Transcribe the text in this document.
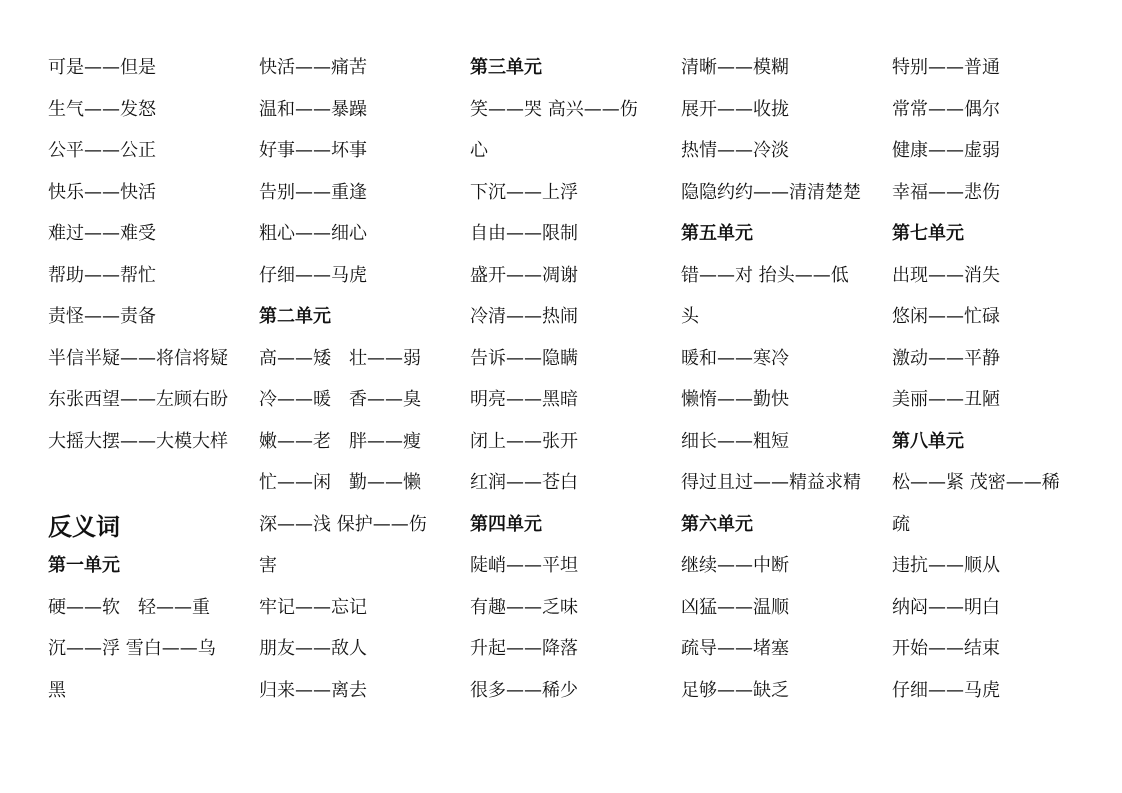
可是——但是
生气——发怒
公平——公正
快乐——快活
难过——难受
帮助——帮忙
责怪——责备
半信半疑——将信将疑
东张西望——左顾右盼
大摇大摆——大模大样
反义词
第一单元
硬——软　轻——重
沉——浮 雪白——乌
黑
快活——痛苦
温和——暴躁
好事——坏事
告别——重逢
粗心——细心
仔细——马虎
第二单元
高——矮　壮——弱
冷——暖　香——臭
嫩——老　胖——瘦
忙——闲　勤——懒
深——浅 保护——伤
害
牢记——忘记
朋友——敌人
归来——离去
第三单元
笑——哭 高兴——伤
心
下沉——上浮
自由——限制
盛开——凋谢
冷清——热闹
告诉——隐瞒
明亮——黑暗
闭上——张开
红润——苍白
第四单元
陡峭——平坦
有趣——乏味
升起——降落
很多——稀少
清晰——模糊
展开——收拢
热情——冷淡
隐隐约约——清清楚楚
第五单元
错——对 抬头——低
头
暖和——寒冷
懒惰——勤快
细长——粗短
得过且过——精益求精
第六单元
继续——中断
凶猛——温顺
疏导——堵塞
足够——缺乏
特别——普通
常常——偶尔
健康——虚弱
幸福——悲伤
第七单元
出现——消失
悠闲——忙碌
激动——平静
美丽——丑陋
第八单元
松——紧 茂密——稀
疏
违抗——顺从
纳闷——明白
开始——结束
仔细——马虎
